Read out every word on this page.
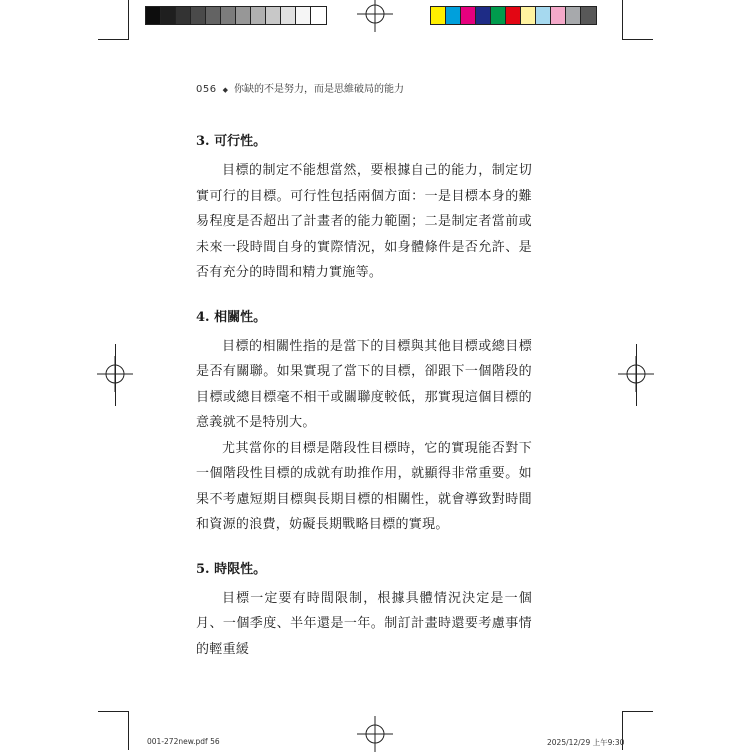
056 ◆ 你缺的不是努力，而是思維破局的能力
3. 可行性。

目標的制定不能想當然，要根據自己的能力，制定切實可行的目標。可行性包括兩個方面：一是目標本身的難易程度是否超出了計畫者的能力範圍；二是制定者當前或未來一段時間自身的實際情況，如身體條件是否允許、是否有充分的時間和精力實施等。

4. 相關性。

目標的相關性指的是當下的目標與其他目標或總目標是否有關聯。如果實現了當下的目標，卻跟下一個階段的目標或總目標毫不相干或關聯度較低，那實現這個目標的意義就不是特別大。

尤其當你的目標是階段性目標時，它的實現能否對下一個階段性目標的成就有助推作用，就顯得非常重要。如果不考慮短期目標與長期目標的相關性，就會導致對時間和資源的浪費，妨礙長期戰略目標的實現。

5. 時限性。

目標一定要有時間限制，根據具體情況決定是一個月、一個季度、半年還是一年。制訂計畫時還要考慮事情的輕重緩

001-272new.pdf 56	2025/12/29 上午9:30
